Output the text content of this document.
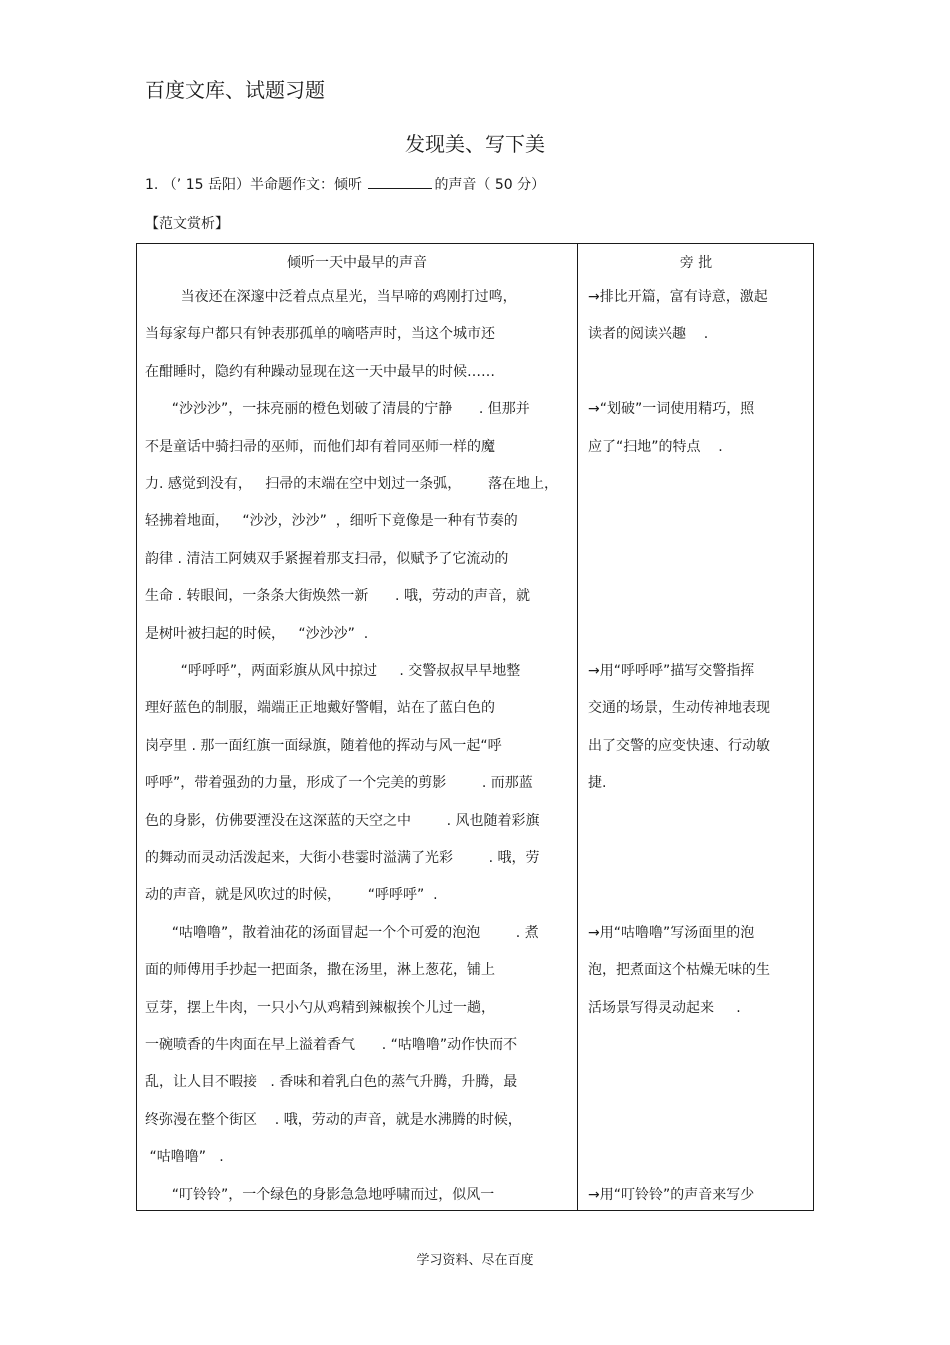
百度文库、试题习题
发现美、写下美
1. （’ 15 岳阳）半命题作文：倾听	的声音（ 50 分）
【范文赏析】
倾听一天中最早的声音	旁 批
当夜还在深邃中泛着点点星光，当早啼的鸡刚打过鸣，
当每家每户都只有钟表那孤单的嘀嗒声时，当这个城市还
在酣睡时，隐约有种躁动显现在这一天中最早的时候……
“沙沙沙”，一抹亮丽的橙色划破了清晨的宁静      . 但那并
不是童话中骑扫帚的巫师，而他们却有着同巫师一样的魔
力. 感觉到没有，   扫帚的末端在空中划过一条弧，      落在地上，
轻拂着地面，   “沙沙，沙沙”  ，细听下竟像是一种有节奏的
韵律 . 清洁工阿姨双手紧握着那支扫帚，似赋予了它流动的
生命 . 转眼间，一条条大街焕然一新      . 哦，劳动的声音，就
是树叶被扫起的时候，   “沙沙沙”  .
“呼呼呼”，两面彩旗从风中掠过     . 交警叔叔早早地整
理好蓝色的制服，端端正正地戴好警帽，站在了蓝白色的
岗亭里 . 那一面红旗一面绿旗，随着他的挥动与风一起“呼
呼呼”，带着强劲的力量，形成了一个完美的剪影        . 而那蓝
色的身影，仿佛要湮没在这深蓝的天空之中        . 风也随着彩旗
的舞动而灵动活泼起来，大街小巷霎时溢满了光彩        . 哦，劳
动的声音，就是风吹过的时候，      “呼呼呼”  .
“咕噜噜”，散着油花的汤面冒起一个个可爱的泡泡        . 煮
面的师傅用手抄起一把面条，撒在汤里，淋上葱花，铺上
豆芽，摆上牛肉，一只小勺从鸡精到辣椒挨个儿过一趟，
一碗喷香的牛肉面在早上溢着香气      . “咕噜噜”动作快而不
乱，让人目不暇接   . 香味和着乳白色的蒸气升腾，升腾，最
终弥漫在整个街区    . 哦，劳动的声音，就是水沸腾的时候，
“咕噜噜”   .
“叮铃铃”，一个绿色的身影急急地呼啸而过，似风一
→排比开篇，富有诗意，激起
读者的阅读兴趣    .
→“划破”一词使用精巧，照
应了“扫地”的特点    .
→用“呼呼呼”描写交警指挥
交通的场景，生动传神地表现
出了交警的应变快速、行动敏
捷.
→用“咕噜噜”写汤面里的泡
泡，把煮面这个枯燥无味的生
活场景写得灵动起来     .
→用“叮铃铃”的声音来写少
学习资料、尽在百度
